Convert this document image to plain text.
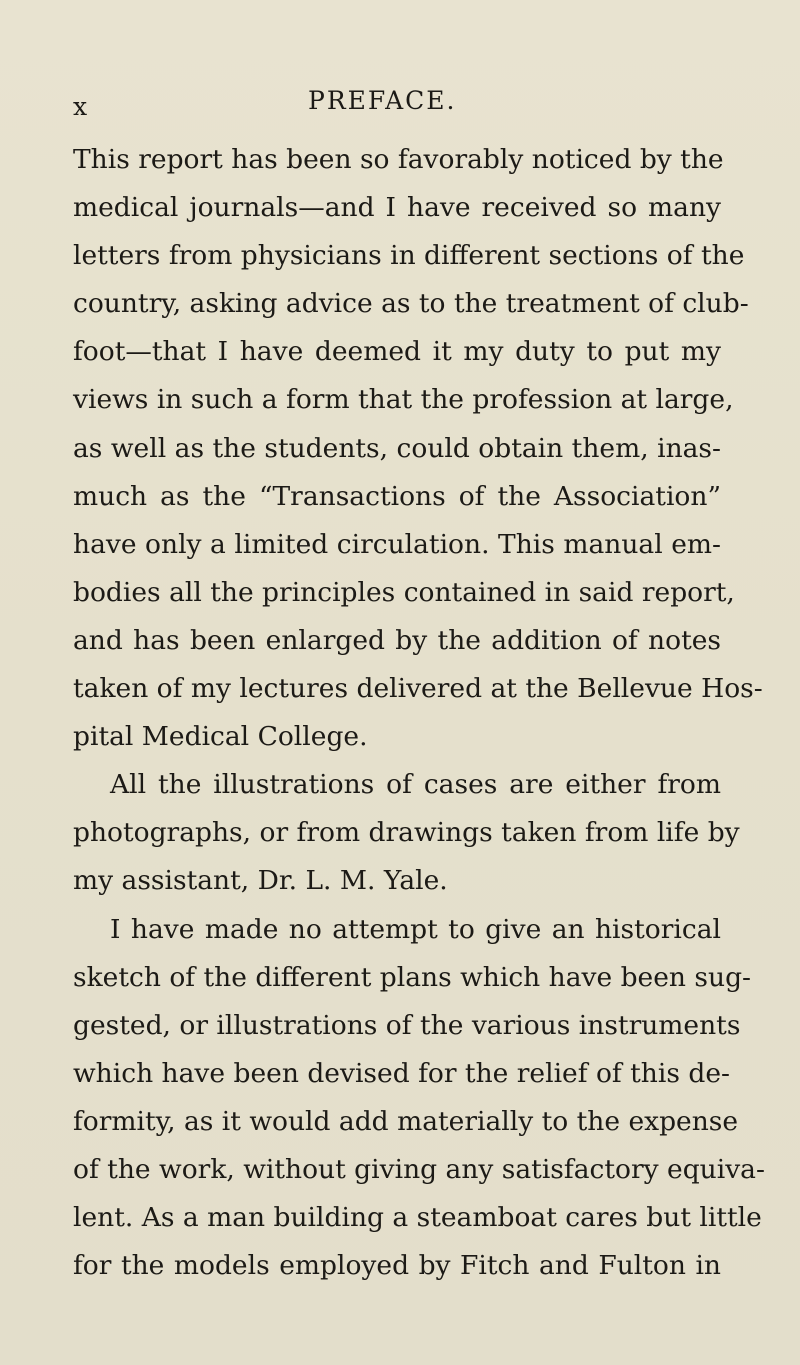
x	PREFACE.
This report has been so favorably noticed by the
medical journals—and I have received so many
letters from physicians in different sections of the
country, asking advice as to the treatment of club-
foot—that I have deemed it my duty to put my
views in such a form that the profession at large,
as well as the students, could obtain them, inas-
much as the “Transactions of the Association”
have only a limited circulation. This manual em-
bodies all the principles contained in said report,
and has been enlarged by the addition of notes
taken of my lectures delivered at the Bellevue Hos-
pital Medical College.
All the illustrations of cases are either from
photographs, or from drawings taken from life by
my assistant, Dr. L. M. Yale.
I have made no attempt to give an historical
sketch of the different plans which have been sug-
gested, or illustrations of the various instruments
which have been devised for the relief of this de-
formity, as it would add materially to the expense
of the work, without giving any satisfactory equiva-
lent. As a man building a steamboat cares but little
for the models employed by Fitch and Fulton in
